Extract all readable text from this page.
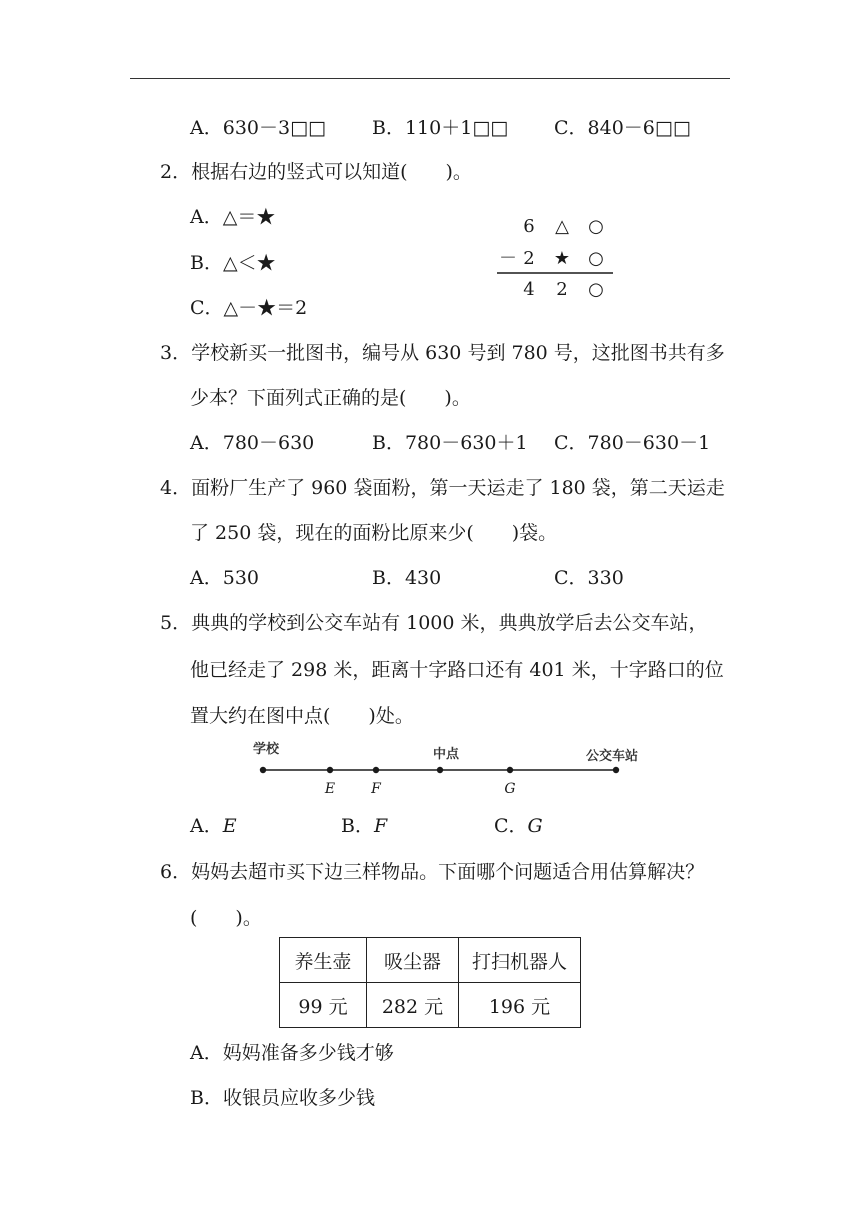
A．630－3□□ B．110＋1□□ C．840－6□□
2．根据右边的竖式可以知道(　　)。
A．△＝★
B．△＜★
C．△－★＝2
6 △ ○
－ 2 ★ ○
4 2 ○
3．学校新买一批图书，编号从 630 号到 780 号，这批图书共有多
少本？下面列式正确的是(　　)。
A．780－630	B．780－630＋1 C．780－630－1
4．面粉厂生产了 960 袋面粉，第一天运走了 180 袋，第二天运走
了 250 袋，现在的面粉比原来少(　　)袋。
A．530	B．430	C．330
5．典典的学校到公交车站有 1000 米，典典放学后去公交车站，
他已经走了 298 米，距离十字路口还有 401 米，十字路口的位
置大约在图中点(　　)处。
学校	中点	公交车站
E	F	G
A．E	B．F	C．G
6．妈妈去超市买下边三样物品。下面哪个问题适合用估算解决？
(　　)。
养生壶	吸尘器	打扫机器人
99 元	282 元	196 元
A．妈妈准备多少钱才够
B．收银员应收多少钱
